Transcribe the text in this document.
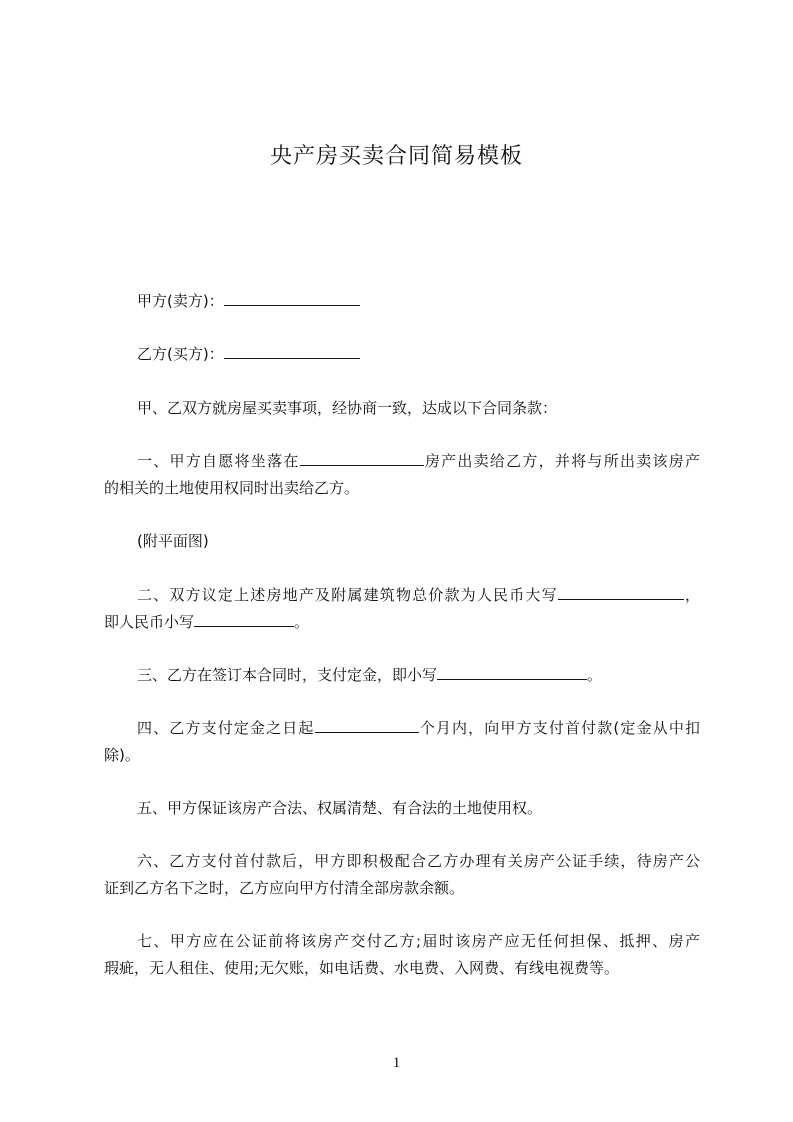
央产房买卖合同简易模板
甲方(卖方)：
乙方(买方)：
甲、乙双方就房屋买卖事项，经协商一致，达成以下合同条款：
一、甲方自愿将坐落在	房产出卖给乙方，并将与所出卖该房产
的相关的土地使用权同时出卖给乙方。
(附平面图)
二、双方议定上述房地产及附属建筑物总价款为人民币大写	，
即人民币小写	。
三、乙方在签订本合同时，支付定金，即小写	。
四、乙方支付定金之日起	个月内，向甲方支付首付款(定金从中扣
除)。
五、甲方保证该房产合法、权属清楚、有合法的土地使用权。
六、乙方支付首付款后，甲方即积极配合乙方办理有关房产公证手续，待房产公
证到乙方名下之时，乙方应向甲方付清全部房款余额。
七、甲方应在公证前将该房产交付乙方;届时该房产应无任何担保、抵押、房产
瑕疵，无人租住、使用;无欠账，如电话费、水电费、入网费、有线电视费等。
1
